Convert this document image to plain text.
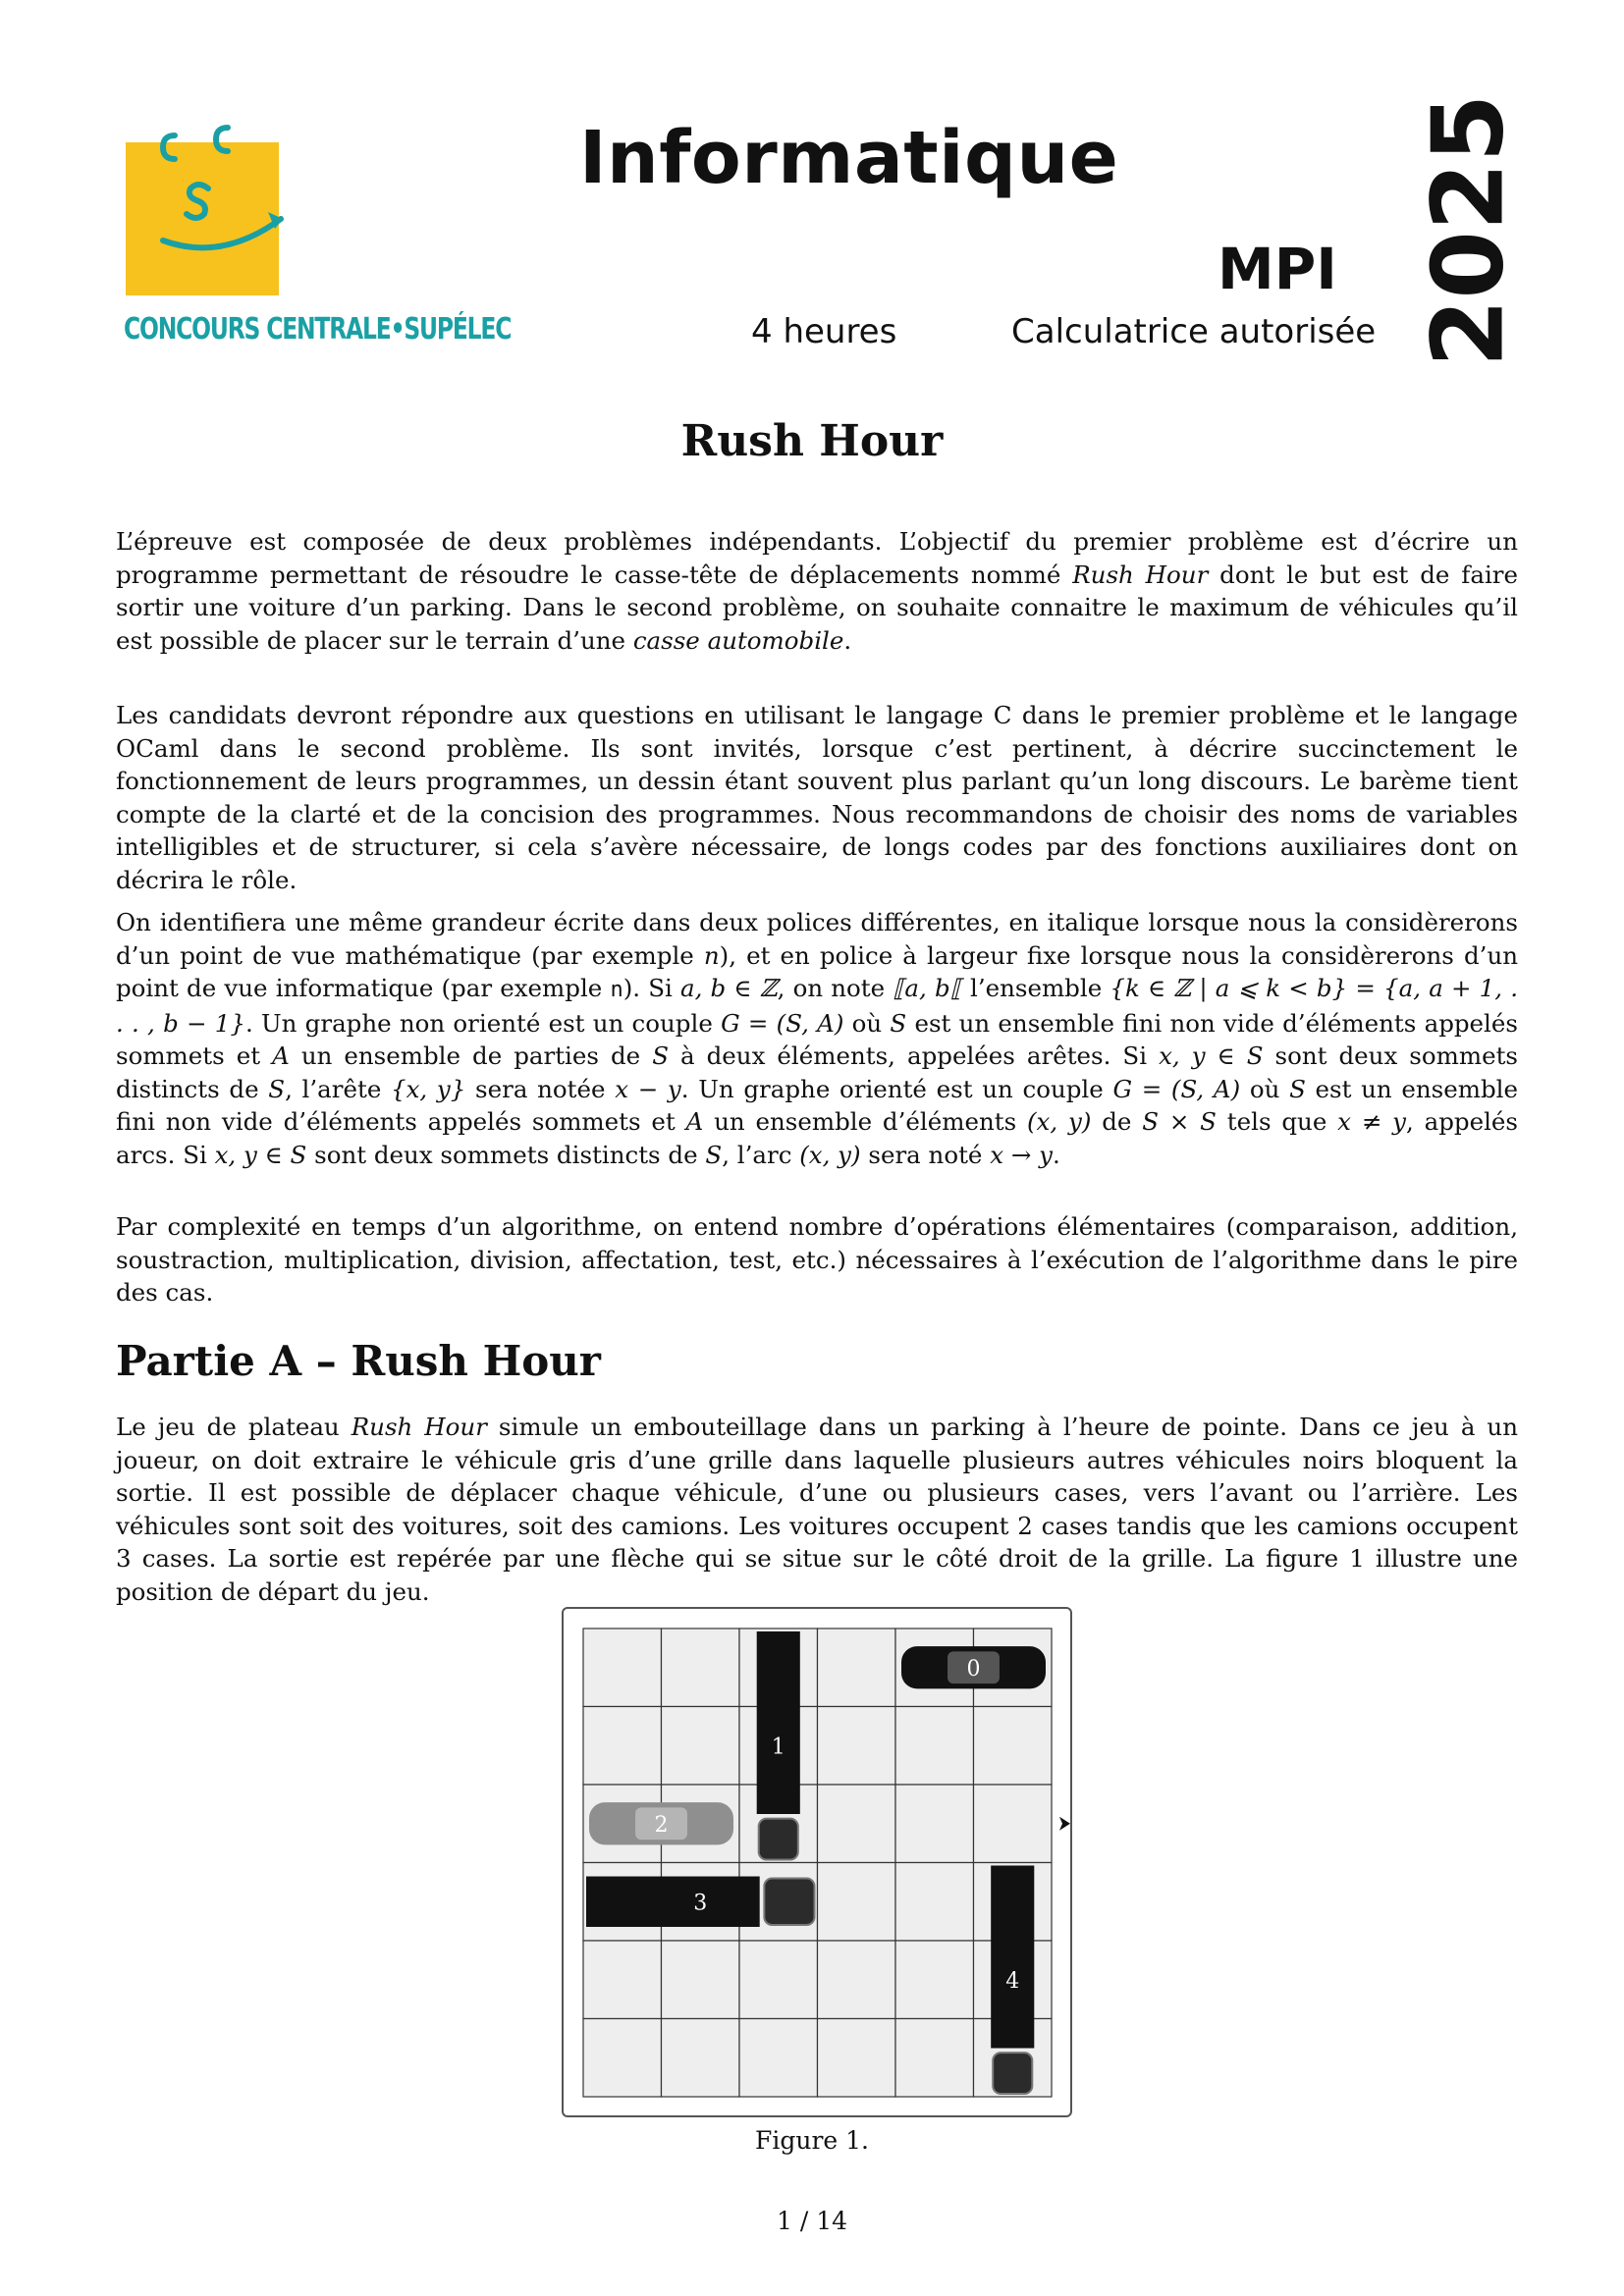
CONCOURS CENTRALE•SUPÉLEC
Informatique
MPI
4 heures	Calculatrice autorisée 2025
Rush Hour
L’épreuve est composée de deux problèmes indépendants. L’objectif du premier problème est d’écrire un programme permettant de résoudre le casse-tête de déplacements nommé Rush Hour dont le but est de faire sortir une voiture d’un parking. Dans le second problème, on souhaite connaitre le maximum de véhicules qu’il est possible de placer sur le terrain d’une casse automobile.
Les candidats devront répondre aux questions en utilisant le langage C dans le premier problème et le langage OCaml dans le second problème. Ils sont invités, lorsque c’est pertinent, à décrire succinctement le fonctionnement de leurs programmes, un dessin étant souvent plus parlant qu’un long discours. Le barème tient compte de la clarté et de la concision des programmes. Nous recommandons de choisir des noms de variables intelligibles et de structurer, si cela s’avère nécessaire, de longs codes par des fonctions auxiliaires dont on décrira le rôle.
On identifiera une même grandeur écrite dans deux polices différentes, en italique lorsque nous la considèrerons d’un point de vue mathématique (par exemple n), et en police à largeur fixe lorsque nous la considèrerons d’un point de vue informatique (par exemple n). Si a, b ∈ ℤ, on note ⟦a, b⟦ l’ensemble {k ∈ ℤ | a ⩽ k < b} = {a, a + 1, . . . , b − 1}. Un graphe non orienté est un couple G = (S, A) où S est un ensemble fini non vide d’éléments appelés sommets et A un ensemble de parties de S à deux éléments, appelées arêtes. Si x, y ∈ S sont deux sommets distincts de S, l’arête {x, y} sera notée x − y. Un graphe orienté est un couple G = (S, A) où S est un ensemble fini non vide d’éléments appelés sommets et A un ensemble d’éléments (x, y) de S × S tels que x ≠ y, appelés arcs. Si x, y ∈ S sont deux sommets distincts de S, l’arc (x, y) sera noté x → y.
Par complexité en temps d’un algorithme, on entend nombre d’opérations élémentaires (comparaison, addition, soustraction, multiplication, division, affectation, test, etc.) nécessaires à l’exécution de l’algorithme dans le pire des cas.
Partie A – Rush Hour
Le jeu de plateau Rush Hour simule un embouteillage dans un parking à l’heure de pointe. Dans ce jeu à un joueur, on doit extraire le véhicule gris d’une grille dans laquelle plusieurs autres véhicules noirs bloquent la sortie. Il est possible de déplacer chaque véhicule, d’une ou plusieurs cases, vers l’avant ou l’arrière. Les véhicules sont soit des voitures, soit des camions. Les voitures occupent 2 cases tandis que les camions occupent 3 cases. La sortie est repérée par une flèche qui se situe sur le côté droit de la grille. La figure 1 illustre une position de départ du jeu.
0
1
2
3
4
Figure 1.
1 / 14
